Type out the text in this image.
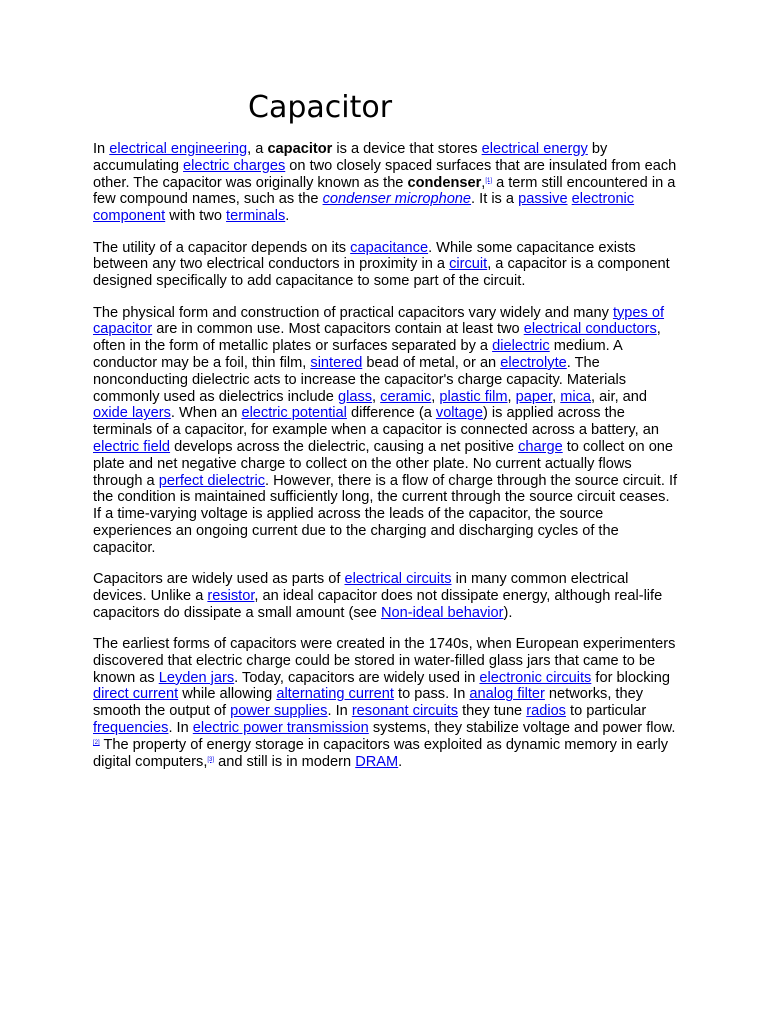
Capacitor

In electrical engineering, a capacitor is a device that stores electrical energy by accumulating electric charges on two closely spaced surfaces that are insulated from each other. The capacitor was originally known as the condenser,[1] a term still encountered in a few compound names, such as the condenser microphone. It is a passive electronic component with two terminals.

The utility of a capacitor depends on its capacitance. While some capacitance exists between any two electrical conductors in proximity in a circuit, a capacitor is a component designed specifically to add capacitance to some part of the circuit.

The physical form and construction of practical capacitors vary widely and many types of capacitor are in common use. Most capacitors contain at least two electrical conductors, often in the form of metallic plates or surfaces separated by a dielectric medium. A conductor may be a foil, thin film, sintered bead of metal, or an electrolyte. The nonconducting dielectric acts to increase the capacitor's charge capacity. Materials commonly used as dielectrics include glass, ceramic, plastic film, paper, mica, air, and oxide layers. When an electric potential difference (a voltage) is applied across the terminals of a capacitor, for example when a capacitor is connected across a battery, an electric field develops across the dielectric, causing a net positive charge to collect on one plate and net negative charge to collect on the other plate. No current actually flows through a perfect dielectric. However, there is a flow of charge through the source circuit. If the condition is maintained sufficiently long, the current through the source circuit ceases. If a time-varying voltage is applied across the leads of the capacitor, the source experiences an ongoing current due to the charging and discharging cycles of the capacitor.

Capacitors are widely used as parts of electrical circuits in many common electrical devices. Unlike a resistor, an ideal capacitor does not dissipate energy, although real-life capacitors do dissipate a small amount (see Non-ideal behavior).

The earliest forms of capacitors were created in the 1740s, when European experimenters discovered that electric charge could be stored in water-filled glass jars that came to be known as Leyden jars. Today, capacitors are widely used in electronic circuits for blocking direct current while allowing alternating current to pass. In analog filter networks, they smooth the output of power supplies. In resonant circuits they tune radios to particular frequencies. In electric power transmission systems, they stabilize voltage and power flow.[2] The property of energy storage in capacitors was exploited as dynamic memory in early digital computers,[3] and still is in modern DRAM.
